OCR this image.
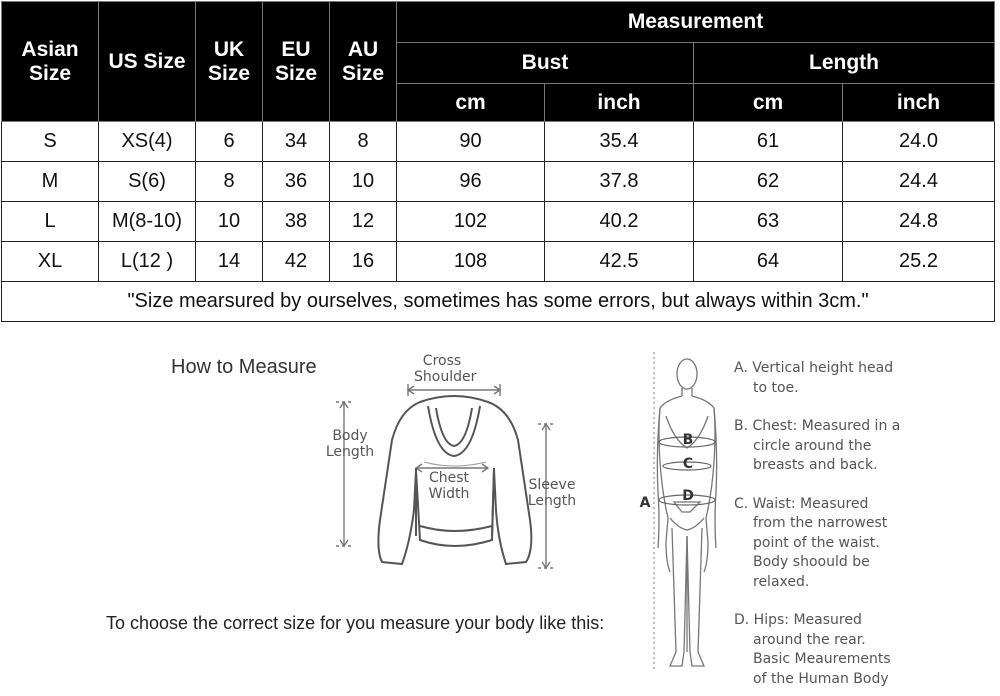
Asian Size	US Size	UK Size	EU Size	AU Size	Measurement			
					Bust		Length	
					cm	inch	cm	inch
S	XS(4)	6	34	8	90	35.4	61	24.0
M	S(6)	8	36	10	96	37.8	62	24.4
L	M(8-10)	10	38	12	102	40.2	63	24.8
XL	L(12 )	14	42	16	108	42.5	64	25.2
"Size mearsured by ourselves, sometimes has some errors, but always within 3cm."								
How to Measure
To choose the correct size for you measure your body like this:
Cross
Shoulder
Body
Length
Chest
Width
Sleeve
Length	A
B
C
D
A. Vertical height head
to toe.
B. Chest: Measured in a
circle around the
breasts and back.
C. Waist: Measured
from the narrowest
point of the waist.
Body shoould be
relaxed.
D. Hips: Measured
around the rear.
Basic Meaurements
of the Human Body
